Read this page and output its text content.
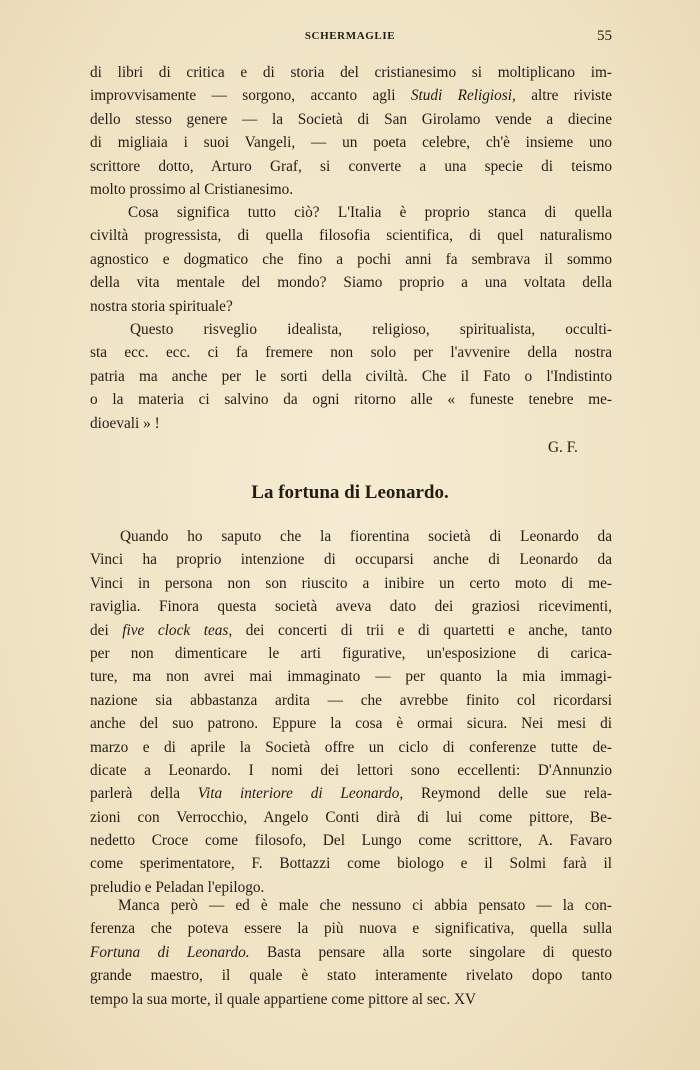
SCHERMAGLIE	55
di libri di critica e di storia del cristianesimo si moltiplicano im-
improvvisamente — sorgono, accanto agli Studi Religiosi, altre riviste
dello stesso genere — la Società di San Girolamo vende a diecine
di migliaia i suoi Vangeli, — un poeta celebre, ch'è insieme uno
scrittore dotto, Arturo Graf, si converte a una specie di teismo
molto prossimo al Cristianesimo.
Cosa significa tutto ciò? L'Italia è proprio stanca di quella
civiltà progressista, di quella filosofia scientifica, di quel naturalismo
agnostico e dogmatico che fino a pochi anni fa sembrava il sommo
della vita mentale del mondo? Siamo proprio a una voltata della
nostra storia spirituale?
Questo risveglio idealista, religioso, spiritualista, occulti-
sta ecc. ecc. ci fa fremere non solo per l'avvenire della nostra
patria ma anche per le sorti della civiltà. Che il Fato o l'Indistinto
o la materia ci salvino da ogni ritorno alle « funeste tenebre me-
dioevali » !
G. F.
La fortuna di Leonardo.
Quando ho saputo che la fiorentina società di Leonardo da
Vinci ha proprio intenzione di occuparsi anche di Leonardo da
Vinci in persona non son riuscito a inibire un certo moto di me-
raviglia. Finora questa società aveva dato dei graziosi ricevimenti,
dei five clock teas, dei concerti di trii e di quartetti e anche, tanto
per non dimenticare le arti figurative, un'esposizione di carica-
ture, ma non avrei mai immaginato — per quanto la mia immagi-
nazione sia abbastanza ardita — che avrebbe finito col ricordarsi
anche del suo patrono. Eppure la cosa è ormai sicura. Nei mesi di
marzo e di aprile la Società offre un ciclo di conferenze tutte de-
dicate a Leonardo. I nomi dei lettori sono eccellenti: D'Annunzio
parlerà della Vita interiore di Leonardo, Reymond delle sue rela-
zioni con Verrocchio, Angelo Conti dirà di lui come pittore, Be-
nedetto Croce come filosofo, Del Lungo come scrittore, A. Favaro
come sperimentatore, F. Bottazzi come biologo e il Solmi farà il
preludio e Peladan l'epilogo.
Manca però — ed è male che nessuno ci abbia pensato — la con-
ferenza che poteva essere la più nuova e significativa, quella sulla
Fortuna di Leonardo. Basta pensare alla sorte singolare di questo
grande maestro, il quale è stato interamente rivelato dopo tanto
tempo la sua morte, il quale appartiene come pittore al sec. XV
